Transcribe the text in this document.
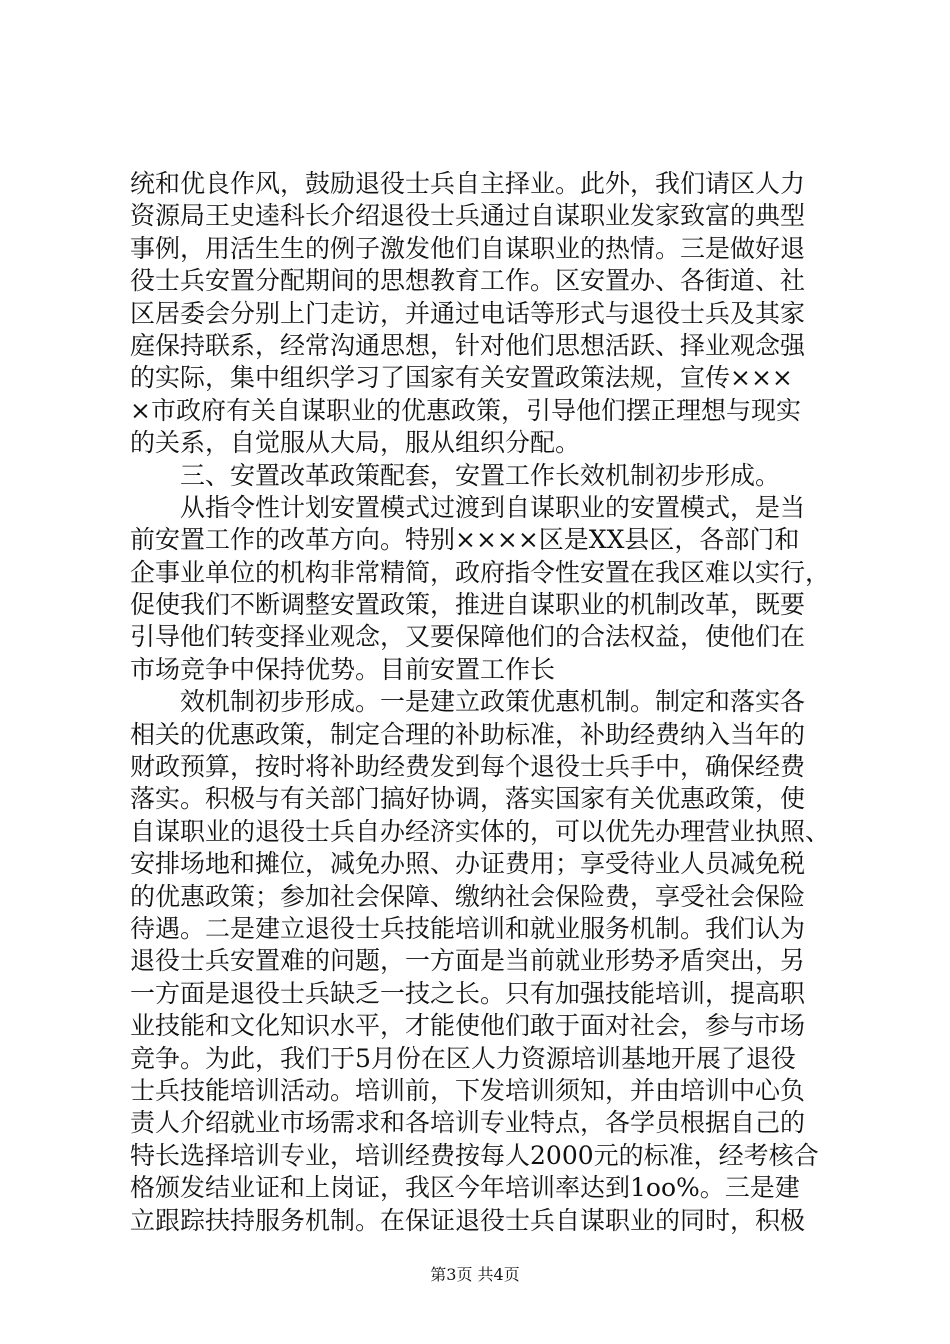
统和优良作风，鼓励退役士兵自主择业。此外，我们请区人力
资源局王史逵科长介绍退役士兵通过自谋职业发家致富的典型
事例，用活生生的例子激发他们自谋职业的热情。三是做好退
役士兵安置分配期间的思想教育工作。区安置办、各街道、社
区居委会分别上门走访，并通过电话等形式与退役士兵及其家
庭保持联系，经常沟通思想，针对他们思想活跃、择业观念强
的实际，集中组织学习了国家有关安置政策法规，宣传×××
×市政府有关自谋职业的优惠政策，引导他们摆正理想与现实
的关系，自觉服从大局，服从组织分配。
　　三、安置改革政策配套，安置工作长效机制初步形成。
　　从指令性计划安置模式过渡到自谋职业的安置模式，是当
前安置工作的改革方向。特别××××区是XX县区，各部门和
企事业单位的机构非常精简，政府指令性安置在我区难以实行，
促使我们不断调整安置政策，推进自谋职业的机制改革，既要
引导他们转变择业观念，又要保障他们的合法权益，使他们在
市场竞争中保持优势。目前安置工作长
　　效机制初步形成。一是建立政策优惠机制。制定和落实各
相关的优惠政策，制定合理的补助标准，补助经费纳入当年的
财政预算，按时将补助经费发到每个退役士兵手中，确保经费
落实。积极与有关部门搞好协调，落实国家有关优惠政策，使
自谋职业的退役士兵自办经济实体的，可以优先办理营业执照、
安排场地和摊位，减免办照、办证费用；享受待业人员减免税
的优惠政策；参加社会保障、缴纳社会保险费，享受社会保险
待遇。二是建立退役士兵技能培训和就业服务机制。我们认为
退役士兵安置难的问题，一方面是当前就业形势矛盾突出，另
一方面是退役士兵缺乏一技之长。只有加强技能培训，提高职
业技能和文化知识水平，才能使他们敢于面对社会，参与市场
竞争。为此，我们于5月份在区人力资源培训基地开展了退役
士兵技能培训活动。培训前，下发培训须知，并由培训中心负
责人介绍就业市场需求和各培训专业特点，各学员根据自己的
特长选择培训专业，培训经费按每人2000元的标准，经考核合
格颁发结业证和上岗证，我区今年培训率达到1oo%。三是建
立跟踪扶持服务机制。在保证退役士兵自谋职业的同时，积极
第3页 共4页
